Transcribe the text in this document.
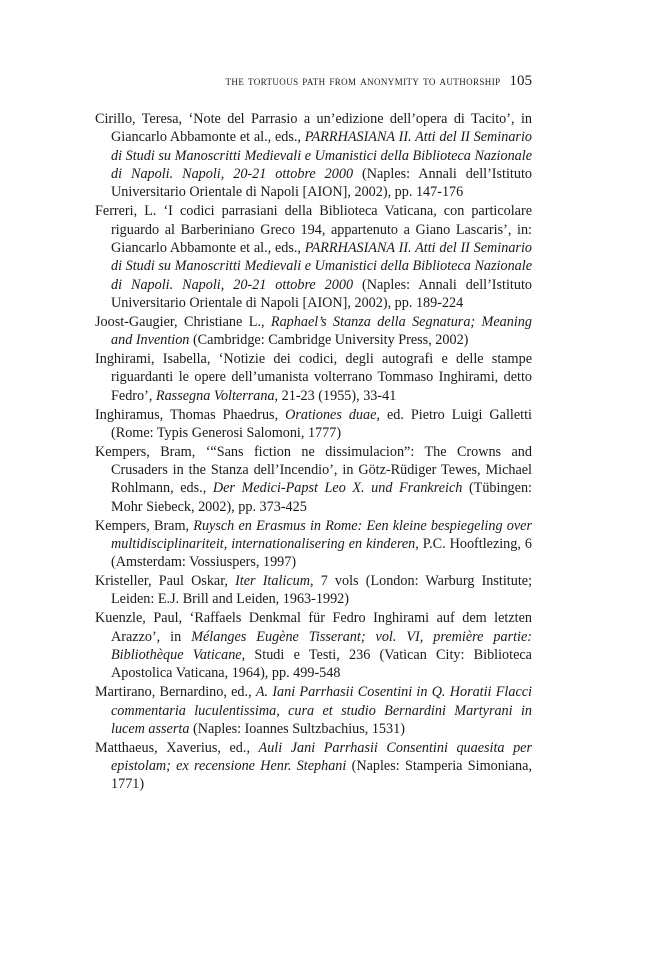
the tortuous path from anonymity to authorship 105
Cirillo, Teresa, ‘Note del Parrasio a un’edizione dell’opera di Tacito’, in Giancarlo Abbamonte et al., eds., PARRHASIANA II. Atti del II Seminario di Studi su Manoscritti Medievali e Umanistici della Biblioteca Nazionale di Napoli. Napoli, 20-21 ottobre 2000 (Naples: Annali dell’Istituto Universitario Orientale di Napoli [AION], 2002), pp. 147-176
Ferreri, L. ‘I codici parrasiani della Biblioteca Vaticana, con particolare riguardo al Barberiniano Greco 194, appartenuto a Giano Lascaris’, in: Giancarlo Abbamonte et al., eds., PARRHASIANA II. Atti del II Seminario di Studi su Manoscritti Medievali e Umanistici della Biblioteca Nazionale di Napoli. Napoli, 20-21 ottobre 2000 (Naples: Annali dell’Istituto Universitario Orientale di Napoli [AION], 2002), pp. 189-224
Joost-Gaugier, Christiane L., Raphael’s Stanza della Segnatura; Meaning and Invention (Cambridge: Cambridge University Press, 2002)
Inghirami, Isabella, ‘Notizie dei codici, degli autografi e delle stampe riguardanti le opere dell’umanista volterrano Tommaso Inghirami, detto Fedro’, Rassegna Volterrana, 21-23 (1955), 33-41
Inghiramus, Thomas Phaedrus, Orationes duae, ed. Pietro Luigi Galletti (Rome: Typis Generosi Salomoni, 1777)
Kempers, Bram, ‘“Sans fiction ne dissimulacion”: The Crowns and Crusaders in the Stanza dell’Incendio’, in Götz-Rüdiger Tewes, Michael Rohlmann, eds., Der Medici-Papst Leo X. und Frankreich (Tübingen: Mohr Siebeck, 2002), pp. 373-425
Kempers, Bram, Ruysch en Erasmus in Rome: Een kleine bespiegeling over multidisciplinariteit, internationalisering en kinderen, P.C. Hooftlezing, 6 (Amsterdam: Vossiuspers, 1997)
Kristeller, Paul Oskar, Iter Italicum, 7 vols (London: Warburg Institute; Leiden: E.J. Brill and Leiden, 1963-1992)
Kuenzle, Paul, ‘Raffaels Denkmal für Fedro Inghirami auf dem letzten Arazzo’, in Mélanges Eugène Tisserant; vol. VI, première partie: Bibliothèque Vaticane, Studi e Testi, 236 (Vatican City: Biblioteca Apostolica Vaticana, 1964), pp. 499-548
Martirano, Bernardino, ed., A. Iani Parrhasii Cosentini in Q. Horatii Flacci commentaria luculentissima, cura et studio Bernardini Martyrani in lucem asserta (Naples: Ioannes Sultzbachius, 1531)
Matthaeus, Xaverius, ed., Auli Jani Parrhasii Consentini quaesita per epistolam; ex recensione Henr. Stephani (Naples: Stamperia Simoniana, 1771)
